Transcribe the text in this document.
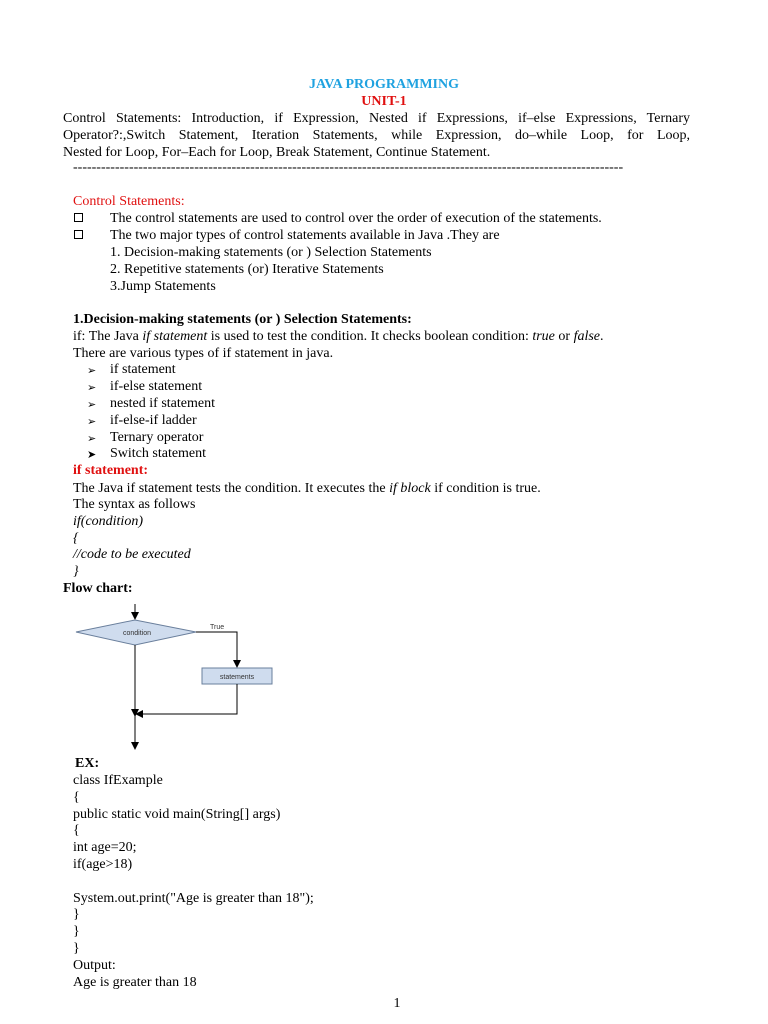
JAVA PROGRAMMING
UNIT-1
Control Statements: Introduction, if Expression, Nested if Expressions, if–else Expressions, Ternary
Operator?:,Switch Statement, Iteration Statements, while Expression, do–while Loop, for Loop,
Nested for Loop, For–Each for Loop, Break Statement, Continue Statement.
----------------------------------------------------------------------------------------------------------------------
Control Statements:
The control statements are used to control over the order of execution of the statements.
The two major types of control statements available in Java .They are
1. Decision-making statements (or ) Selection Statements
2. Repetitive statements (or) Iterative Statements
3.Jump Statements
1.Decision-making statements (or ) Selection Statements:
if: The Java if statement is used to test the condition. It checks boolean condition: true or false.
There are various types of if statement in java.
➢ if statement
➢ if-else statement
➢ nested if statement
➢ if-else-if ladder
➢ Ternary operator
➤ Switch statement
if statement:
The Java if statement tests the condition. It executes the if block if condition is true.
The syntax as follows
if(condition)
{
//code to be executed
}
Flow chart:
condition
True
statements
EX:
class IfExample
{
public static void main(String[] args)
{
int age=20;
if(age>18)
System.out.print("Age is greater than 18");
}
}
}
Output:
Age is greater than 18
1
